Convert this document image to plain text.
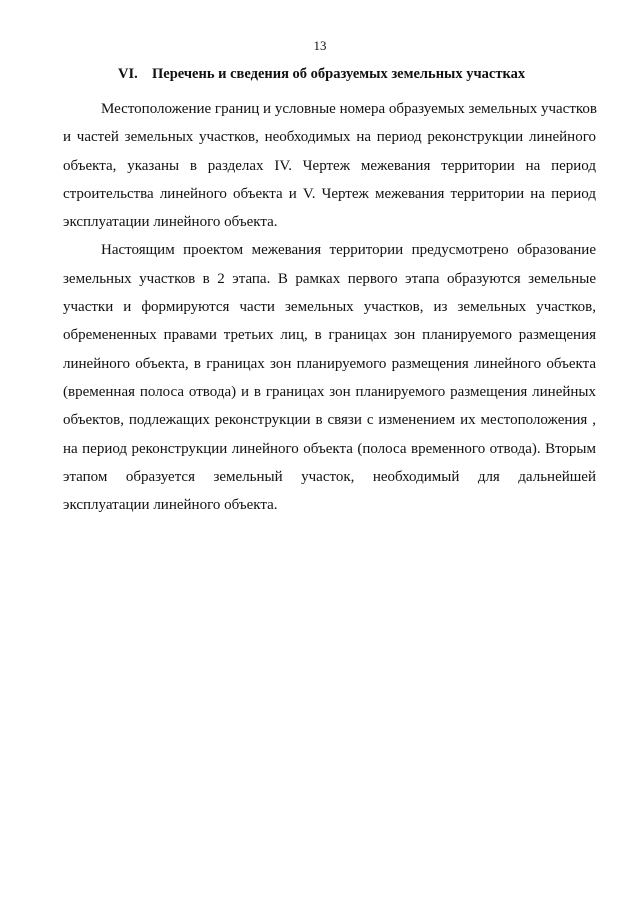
13
VI. Перечень и сведения об образуемых земельных участках
Местоположение границ и условные номера образуемых земельных участков
и частей земельных участков, необходимых на период реконструкции линейного
объекта, указаны в разделах IV. Чертеж межевания территории на период
строительства линейного объекта и V. Чертеж межевания территории на период
эксплуатации линейного объекта.
Настоящим проектом межевания территории предусмотрено образование
земельных участков в 2 этапа. В рамках первого этапа образуются земельные
участки и формируются части земельных участков, из земельных участков,
обремененных правами третьих лиц, в границах зон планируемого размещения
линейного объекта, в границах зон планируемого размещения линейного объекта
(временная полоса отвода) и в границах зон планируемого размещения линейных
объектов, подлежащих реконструкции в связи с изменением их местоположения ,
на период реконструкции линейного объекта (полоса временного отвода). Вторым
этапом образуется земельный участок, необходимый для дальнейшей
эксплуатации линейного объекта.
